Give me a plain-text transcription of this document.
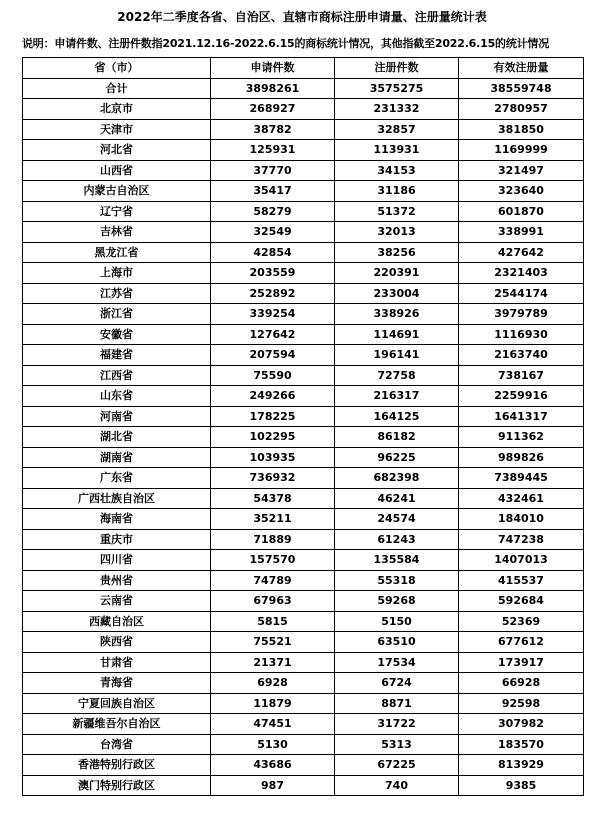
2022年二季度各省、自治区、直辖市商标注册申请量、注册量统计表
说明：申请件数、注册件数指2021.12.16-2022.6.15的商标统计情况，其他指截至2022.6.15的统计情况
省（市）	申请件数	注册件数	有效注册量
合计	3898261	3575275	38559748
北京市	268927	231332	2780957
天津市	38782	32857	381850
河北省	125931	113931	1169999
山西省	37770	34153	321497
内蒙古自治区	35417	31186	323640
辽宁省	58279	51372	601870
吉林省	32549	32013	338991
黑龙江省	42854	38256	427642
上海市	203559	220391	2321403
江苏省	252892	233004	2544174
浙江省	339254	338926	3979789
安徽省	127642	114691	1116930
福建省	207594	196141	2163740
江西省	75590	72758	738167
山东省	249266	216317	2259916
河南省	178225	164125	1641317
湖北省	102295	86182	911362
湖南省	103935	96225	989826
广东省	736932	682398	7389445
广西壮族自治区	54378	46241	432461
海南省	35211	24574	184010
重庆市	71889	61243	747238
四川省	157570	135584	1407013
贵州省	74789	55318	415537
云南省	67963	59268	592684
西藏自治区	5815	5150	52369
陕西省	75521	63510	677612
甘肃省	21371	17534	173917
青海省	6928	6724	66928
宁夏回族自治区	11879	8871	92598
新疆维吾尔自治区	47451	31722	307982
台湾省	5130	5313	183570
香港特别行政区	43686	67225	813929
澳门特别行政区	987	740	9385
